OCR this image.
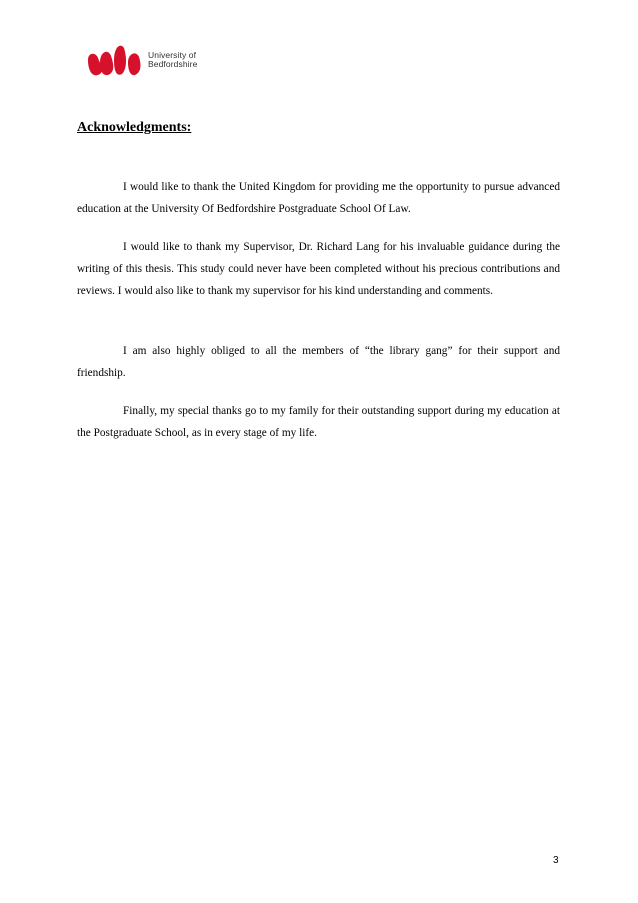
University of
Bedfordshire
Acknowledgments:

I would like to thank the United Kingdom for providing me the opportunity to pursue advanced education at the University Of Bedfordshire Postgraduate School Of Law.

I would like to thank my Supervisor, Dr. Richard Lang for his invaluable guidance during the writing of this thesis. This study could never have been completed without his precious contributions and reviews. I would also like to thank my supervisor for his kind understanding and comments.

I am also highly obliged to all the members of “the library gang” for their support and friendship.

Finally, my special thanks go to my family for their outstanding support during my education at the Postgraduate School, as in every stage of my life.

3
